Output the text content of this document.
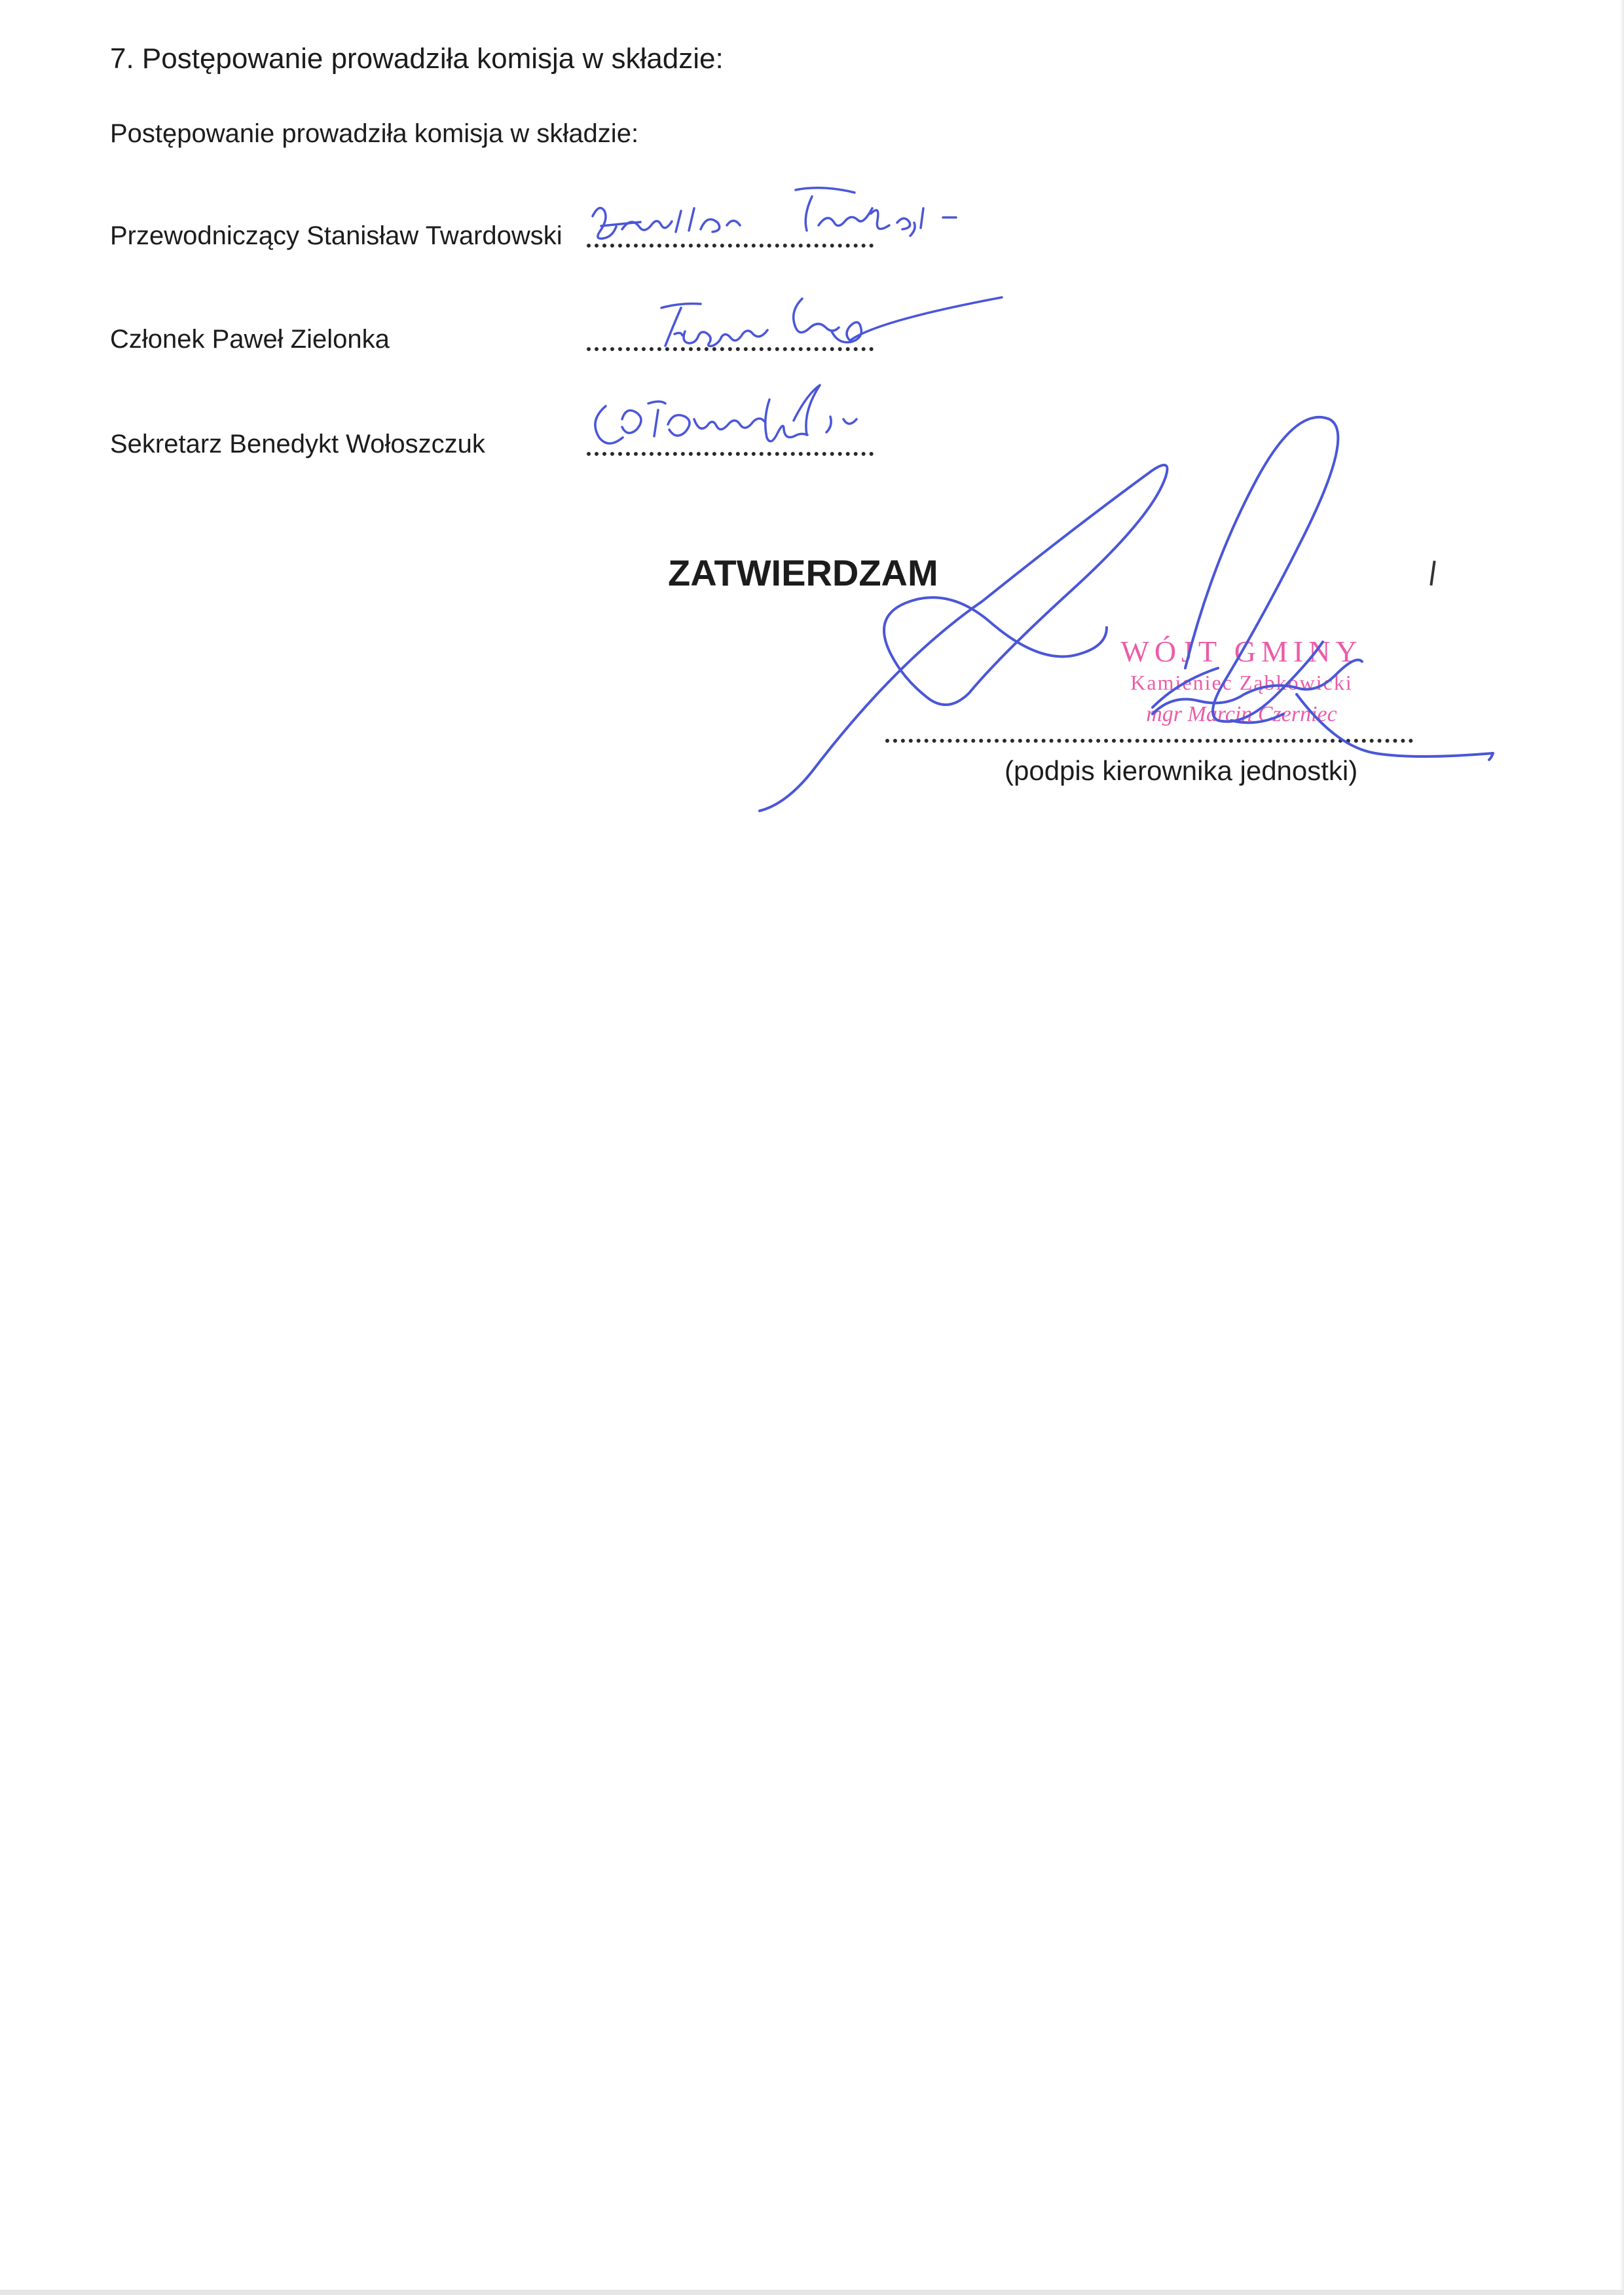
7. Postępowanie prowadziła komisja w składzie:
Postępowanie prowadziła komisja w składzie:
Przewodniczący Stanisław Twardowski
Członek Paweł Zielonka
Sekretarz Benedykt Wołoszczuk
ZATWIERDZAM
WÓJT GMINY
Kamieniec Ząbkowicki
mgr Marcin Czerniec
(podpis kierownika jednostki)
